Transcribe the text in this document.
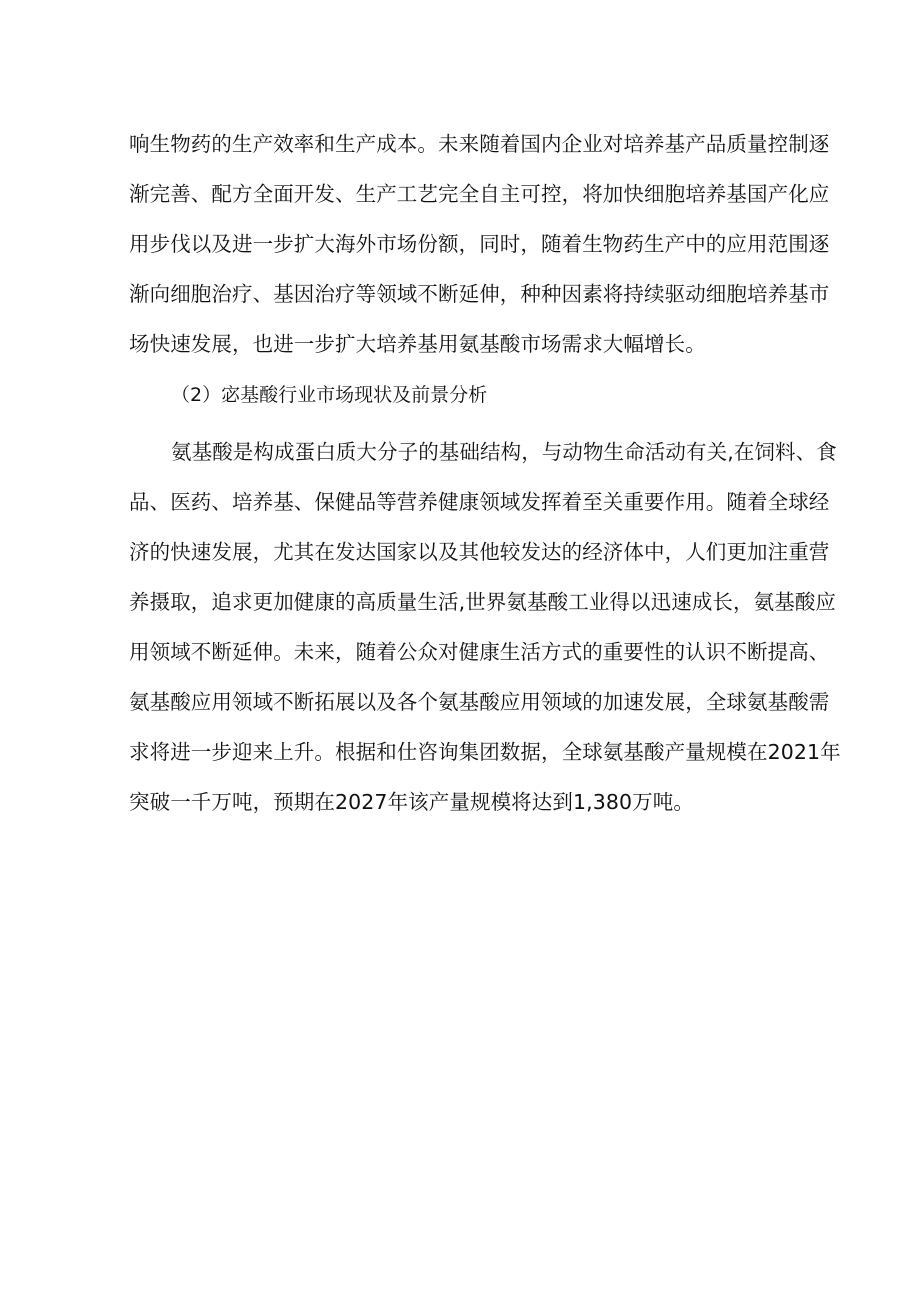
响生物药的生产效率和生产成本。未来随着国内企业对培养基产品质量控制逐
渐完善、配方全面开发、生产工艺完全自主可控，将加快细胞培养基国产化应
用步伐以及进一步扩大海外市场份额，同时，随着生物药生产中的应用范围逐
渐向细胞治疗、基因治疗等领域不断延伸，种种因素将持续驱动细胞培养基市
场快速发展，也进一步扩大培养基用氨基酸市场需求大幅增长。
（2）宓基酸行业市场现状及前景分析
氨基酸是构成蛋白质大分子的基础结构，与动物生命活动有关,在饲料、食
品、医药、培养基、保健品等营养健康领域发挥着至关重要作用。随着全球经
济的快速发展，尤其在发达国家以及其他较发达的经济体中，人们更加注重营
养摄取，追求更加健康的高质量生活,世界氨基酸工业得以迅速成长，氨基酸应
用领域不断延伸。未来，随着公众对健康生活方式的重要性的认识不断提高、
氨基酸应用领域不断拓展以及各个氨基酸应用领域的加速发展，全球氨基酸需
求将进一步迎来上升。根据和仕咨询集团数据，全球氨基酸产量规模在2021年
突破一千万吨，预期在2027年该产量规模将达到1,380万吨。
